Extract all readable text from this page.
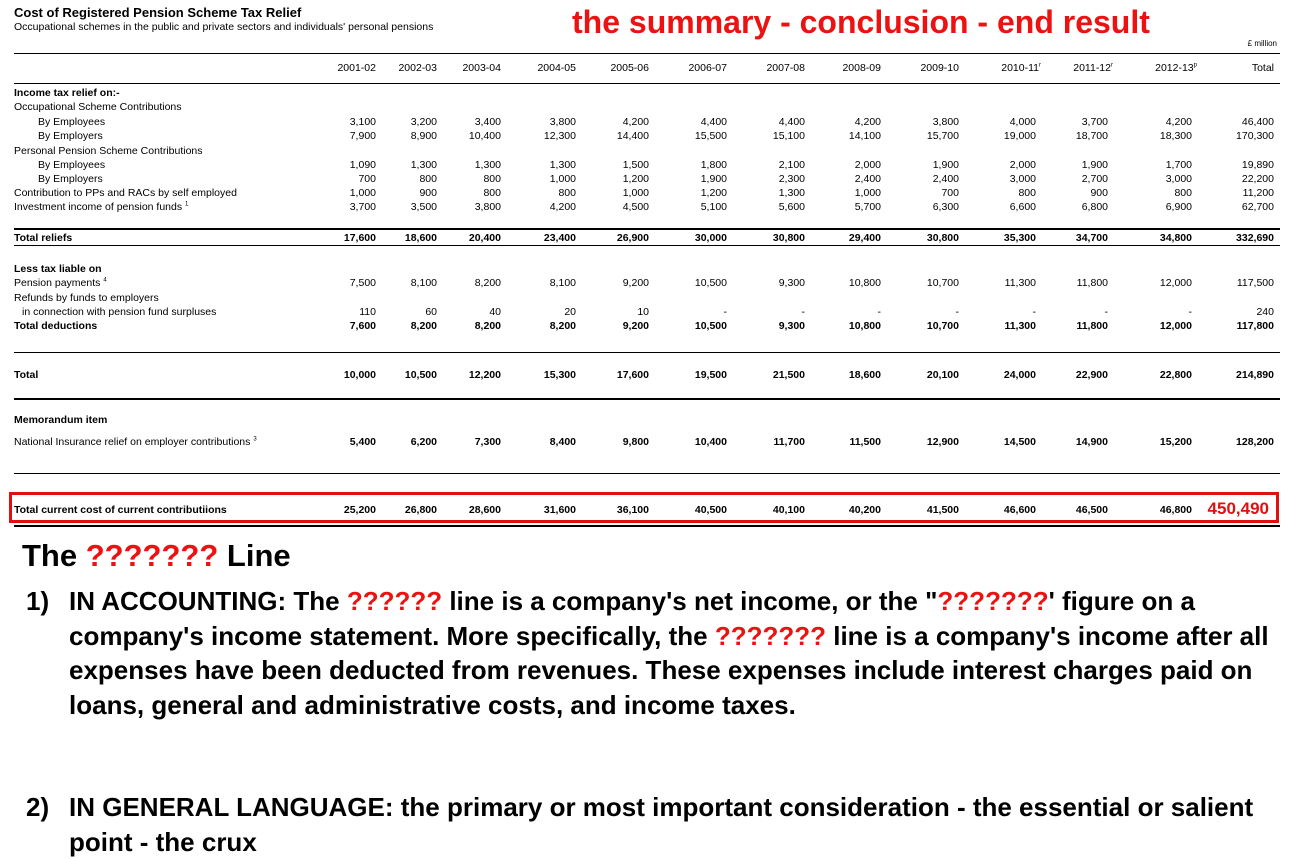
Cost of Registered Pension Scheme Tax Relief
Occupational schemes in the public and private sectors and individuals' personal pensions	the summary - conclusion - end result
£ million
2001-02 2002-03 2003-04	2004-05	2005-06	2006-07	2007-08	2008-09	2009-10	2010-11$^r$	2011-12$^r$	2012-13$^p$	Total
Income tax relief on:-
Occupational Scheme Contributions
By Employees	3,100	3,200	3,400	3,800	4,200	4,400	4,400	4,200	3,800	4,000	3,700	4,200	46,400
By Employers	7,900	8,900	10,400	12,300	14,400	15,500	15,100	14,100	15,700	19,000	18,700	18,300	170,300
Personal Pension Scheme Contributions
By Employees	1,090	1,300	1,300	1,300	1,500	1,800	2,100	2,000	1,900	2,000	1,900	1,700	19,890
By Employers	700	800	800	1,000	1,200	1,900	2,300	2,400	2,400	3,000	2,700	3,000	22,200
Contribution to PPs and RACs by self employed	1,000	900	800	800	1,000	1,200	1,300	1,000	700	800	900	800	11,200
Investment income of pension funds $^1$	3,700	3,500	3,800	4,200	4,500	5,100	5,600	5,700	6,300	6,600	6,800	6,900	62,700
Total reliefs	17,600	18,600	20,400	23,400	26,900	30,000	30,800	29,400	30,800	35,300	34,700	34,800	332,690
Less tax liable on
Pension payments $^4$	7,500	8,100	8,200	8,100	9,200	10,500	9,300	10,800	10,700	11,300	11,800	12,000	117,500
Refunds by funds to employers
in connection with pension fund surpluses	110	60	40	20	10	-	-	-	-	-	-	-	240
Total deductions	7,600	8,200	8,200	8,200	9,200	10,500	9,300	10,800	10,700	11,300	11,800	12,000	117,800
Total	10,000	10,500	12,200	15,300	17,600	19,500	21,500	18,600	20,100	24,000	22,900	22,800	214,890
Memorandum item
National Insurance relief on employer contributions $^3$	5,400	6,200	7,300	8,400	9,800	10,400	11,700	11,500	12,900	14,500	14,900	15,200	128,200
Total current cost of current contributiions	25,200	26,800	28,600	31,600	36,100	40,500	40,100	40,200	41,500	46,600	46,500	46,800 450,490
The ??????? Line
1) IN ACCOUNTING: The ?????? line is a company's net income, or the "???????' figure on a company's income statement. More specifically, the ??????? line is a company's income after all expenses have been deducted from revenues. These expenses include interest charges paid on loans, general and administrative costs, and income taxes.
2) IN GENERAL LANGUAGE: the primary or most important consideration - the essential or salient point - the crux
